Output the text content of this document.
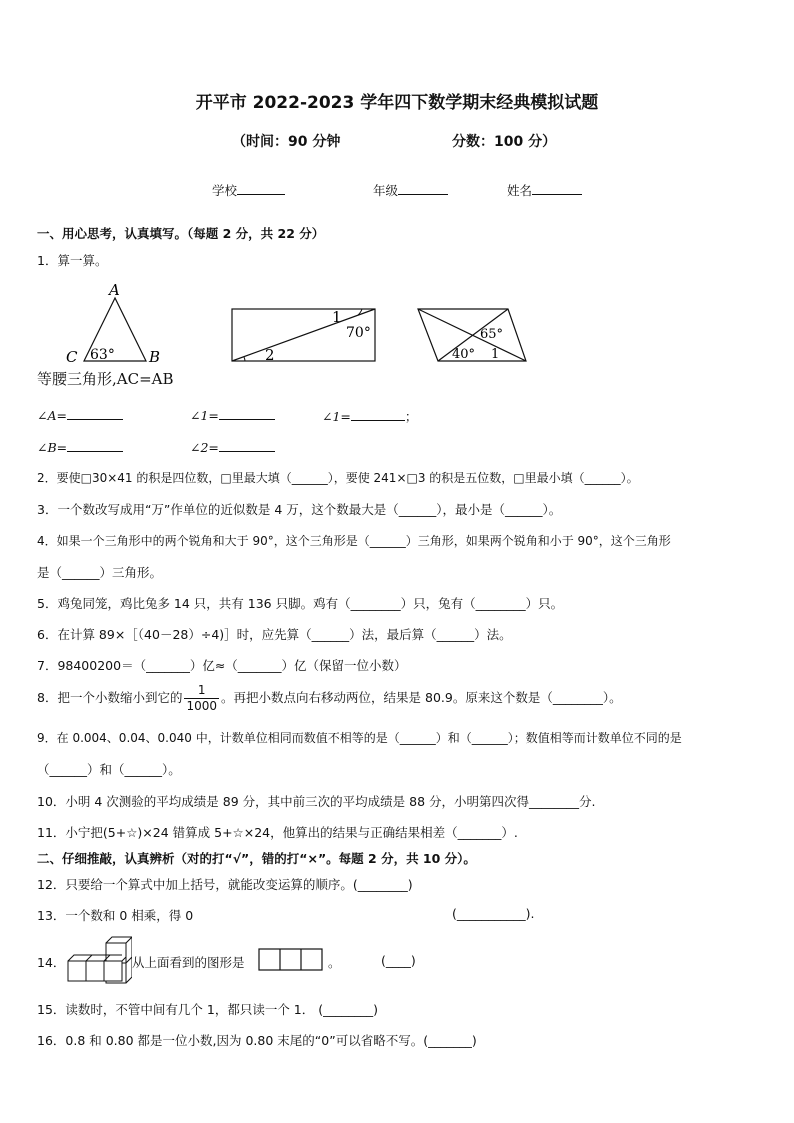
开平市 2022-2023 学年四下数学期末经典模拟试题
（时间：90 分钟	分数：100 分）
学校	年级	姓名
一、用心思考，认真填写。（每题 2 分，共 22 分）
1．算一算。
A
C	B
63°
1
70°
2
65°
40° 1
等腰三角形,AC=AB
∠A=	∠1=	∠1=	；
∠B=	∠2=
2．要使□30×41 的积是四位数，□里最大填（______），要使 241×□3 的积是五位数，□里最小填（______）。
3．一个数改写成用“万”作单位的近似数是 4 万，这个数最大是（______），最小是（______）。
4．如果一个三角形中的两个锐角和大于 90°，这个三角形是（______）三角形，如果两个锐角和小于 90°，这个三角形
是（______）三角形。
5．鸡兔同笼，鸡比兔多 14 只，共有 136 只脚。鸡有（________）只，兔有（________）只。
6．在计算 89×［（40－28）÷4)］时，应先算（______）法，最后算（______）法。
7．98400200＝（_______）亿≈（_______）亿（保留一位小数）
8．把一个小数缩小到它的 $\frac{1}{1000}$ 。再把小数点向右移动两位，结果是 80.9。原来这个数是（________）。
9．在 0.004、0.04、0.040 中，计数单位相同而数值不相等的是（______）和（______）；数值相等而计数单位不同的是
（______）和（______）。
10．小明 4 次测验的平均成绩是 89 分，其中前三次的平均成绩是 88 分，小明第四次得________分.
11．小宁把(5+☆)×24 错算成 5+☆×24，他算出的结果与正确结果相差（_______）.
二、仔细推敲，认真辨析（对的打“√”，错的打“×”。每题 2 分，共 10 分）。
12．只要给一个算式中加上括号，就能改变运算的顺序。(________)
13．一个数和 0 相乘，得 0	(___________).
14．	从上面看到的图形是	。	(____)
15．读数时，不管中间有几个 1，都只读一个 1． (________)
16．0.8 和 0.80 都是一位小数,因为 0.80 末尾的“0”可以省略不写。(_______)
